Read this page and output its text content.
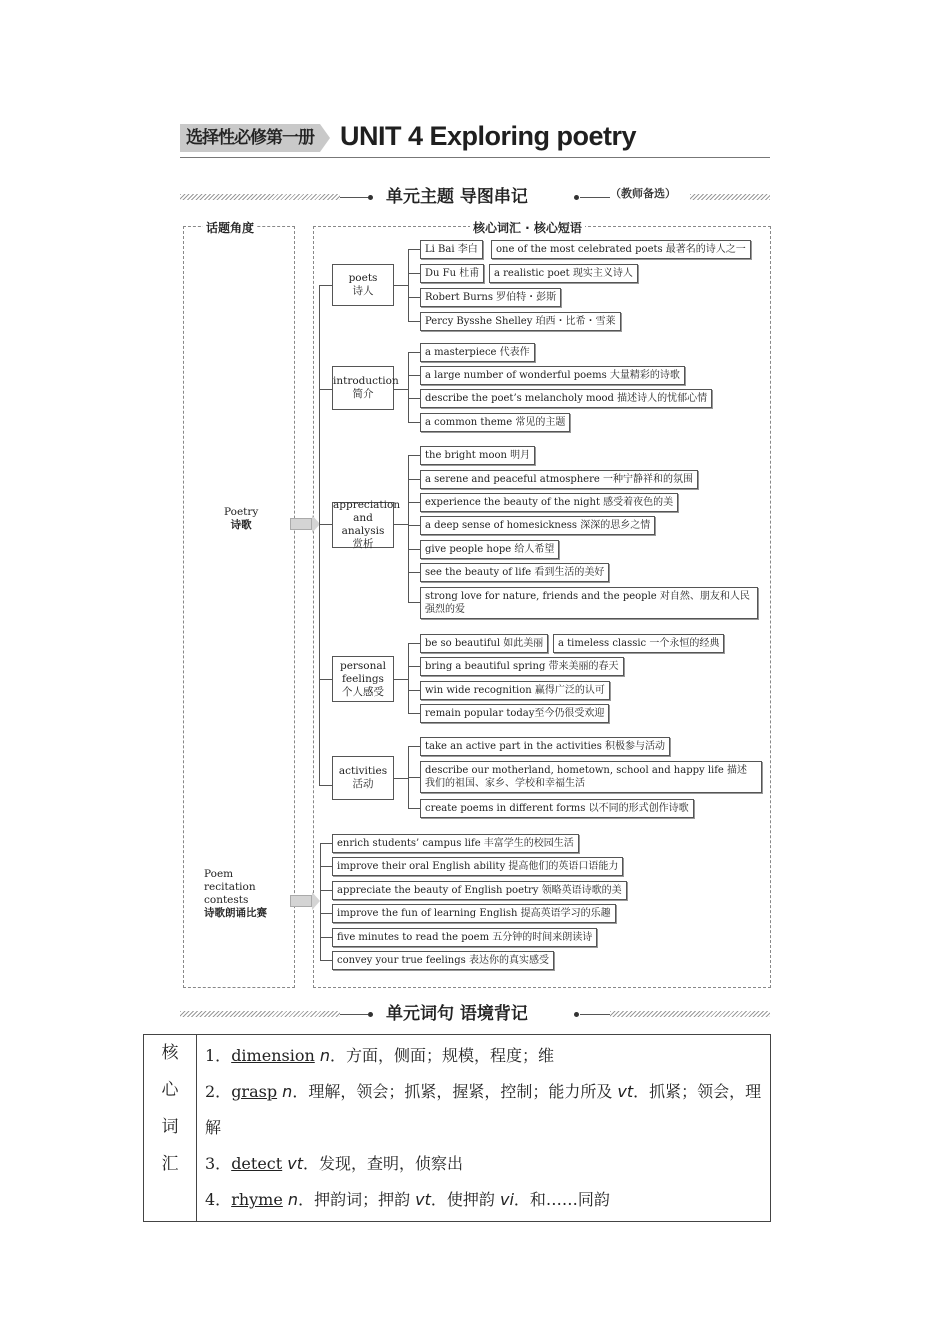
选择性必修第一册 UNIT 4 Exploring poetry
单元主题 导图串记	（教师备选）
话题角度	核心词汇 · 核心短语
Poetry
诗歌
Poem
recitation
contests
诗歌朗诵比赛
poets
诗人
Li Bai 李白	one of the most celebrated poets 最著名的诗人之一
Du Fu 杜甫	a realistic poet 现实主义诗人
Robert Burns 罗伯特・彭斯
Percy Bysshe Shelley 珀西・比希・雪莱
introduction
简介
a masterpiece 代表作
a large number of wonderful poems 大量精彩的诗歌
describe the poet’s melancholy mood 描述诗人的忧郁心情
a common theme 常见的主题
appreciation
and analysis
赏析
the bright moon 明月
a serene and peaceful atmosphere 一种宁静祥和的氛围
experience the beauty of the night 感受着夜色的美
a deep sense of homesickness 深深的思乡之情
give people hope 给人希望
see the beauty of life 看到生活的美好
strong love for nature, friends and the people 对自然、朋友和人民强烈的爱
personal
feelings
个人感受
be so beautiful 如此美丽	a timeless classic 一个永恒的经典
bring a beautiful spring 带来美丽的春天
win wide recognition 赢得广泛的认可
remain popular today至今仍很受欢迎
activities
活动
take an active part in the activities 积极参与活动
describe our motherland, hometown, school and happy life 描述我们的祖国、家乡、学校和幸福生活
create poems in different forms 以不同的形式创作诗歌
enrich students’ campus life 丰富学生的校园生活
improve their oral English ability 提高他们的英语口语能力
appreciate the beauty of English poetry 领略英语诗歌的美
improve the fun of learning English 提高英语学习的乐趣
five minutes to read the poem 五分钟的时间来朗读诗
convey your true feelings 表达你的真实感受
单元词句 语境背记
核
心
词
汇

1．dimension n．方面，侧面；规模，程度；维
2．grasp n．理解，领会；抓紧，握紧，控制；能力所及 vt．抓紧；领会，理解
3．detect vt．发现，查明，侦察出
4．rhyme n．押韵词；押韵 vt．使押韵 vi．和……同韵
